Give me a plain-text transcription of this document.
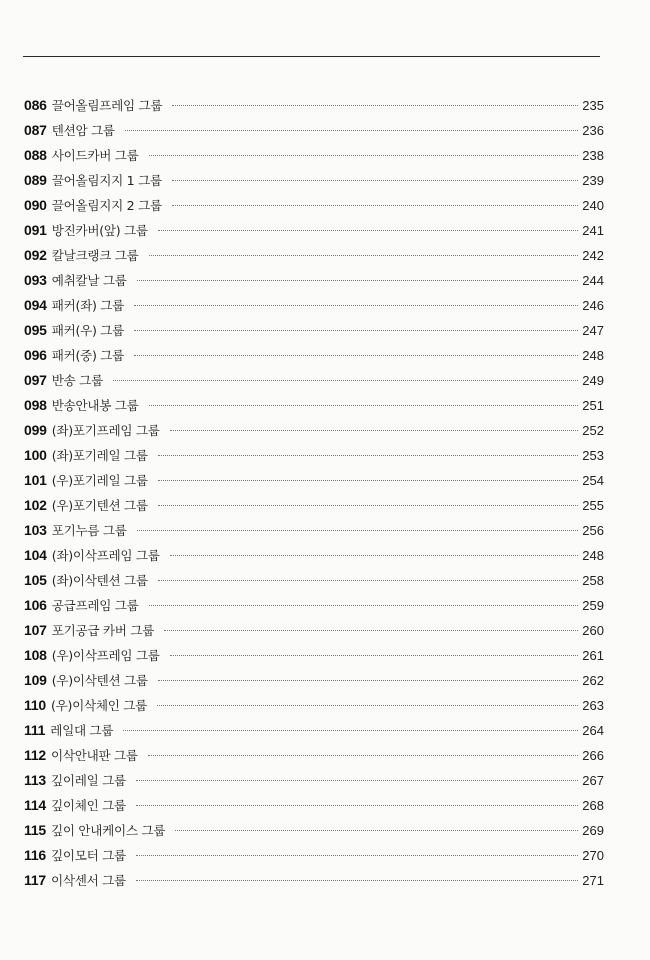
086 끌어올림프레임 그룹	235
087 텐션암 그룹	236
088 사이드카버 그룹	238
089 끌어올림지지 1 그룹	239
090 끌어올림지지 2 그룹	240
091 방진카버(앞) 그룹	241
092 칼날크랭크 그룹	242
093 예취칼날 그룹	244
094 패커(좌) 그룹	246
095 패커(우) 그룹	247
096 패커(중) 그룹	248
097 반송 그룹	249
098 반송안내봉 그룹	251
099 (좌)포기프레임 그룹	252
100 (좌)포기레일 그룹	253
101 (우)포기레일 그룹	254
102 (우)포기텐션 그룹	255
103 포기누름 그룹	256
104 (좌)이삭프레임 그룹	248
105 (좌)이삭텐션 그룹	258
106 공급프레임 그룹	259
107 포기공급 카버 그룹	260
108 (우)이삭프레임 그룹	261
109 (우)이삭텐션 그룹	262
110 (우)이삭체인 그룹	263
111 레일대 그룹	264
112 이삭안내판 그룹	266
113 깊이레일 그룹	267
114 깊이체인 그룹	268
115 깊이 안내케이스 그룹	269
116 깊이모터 그룹	270
117 이삭센서 그룹	271
